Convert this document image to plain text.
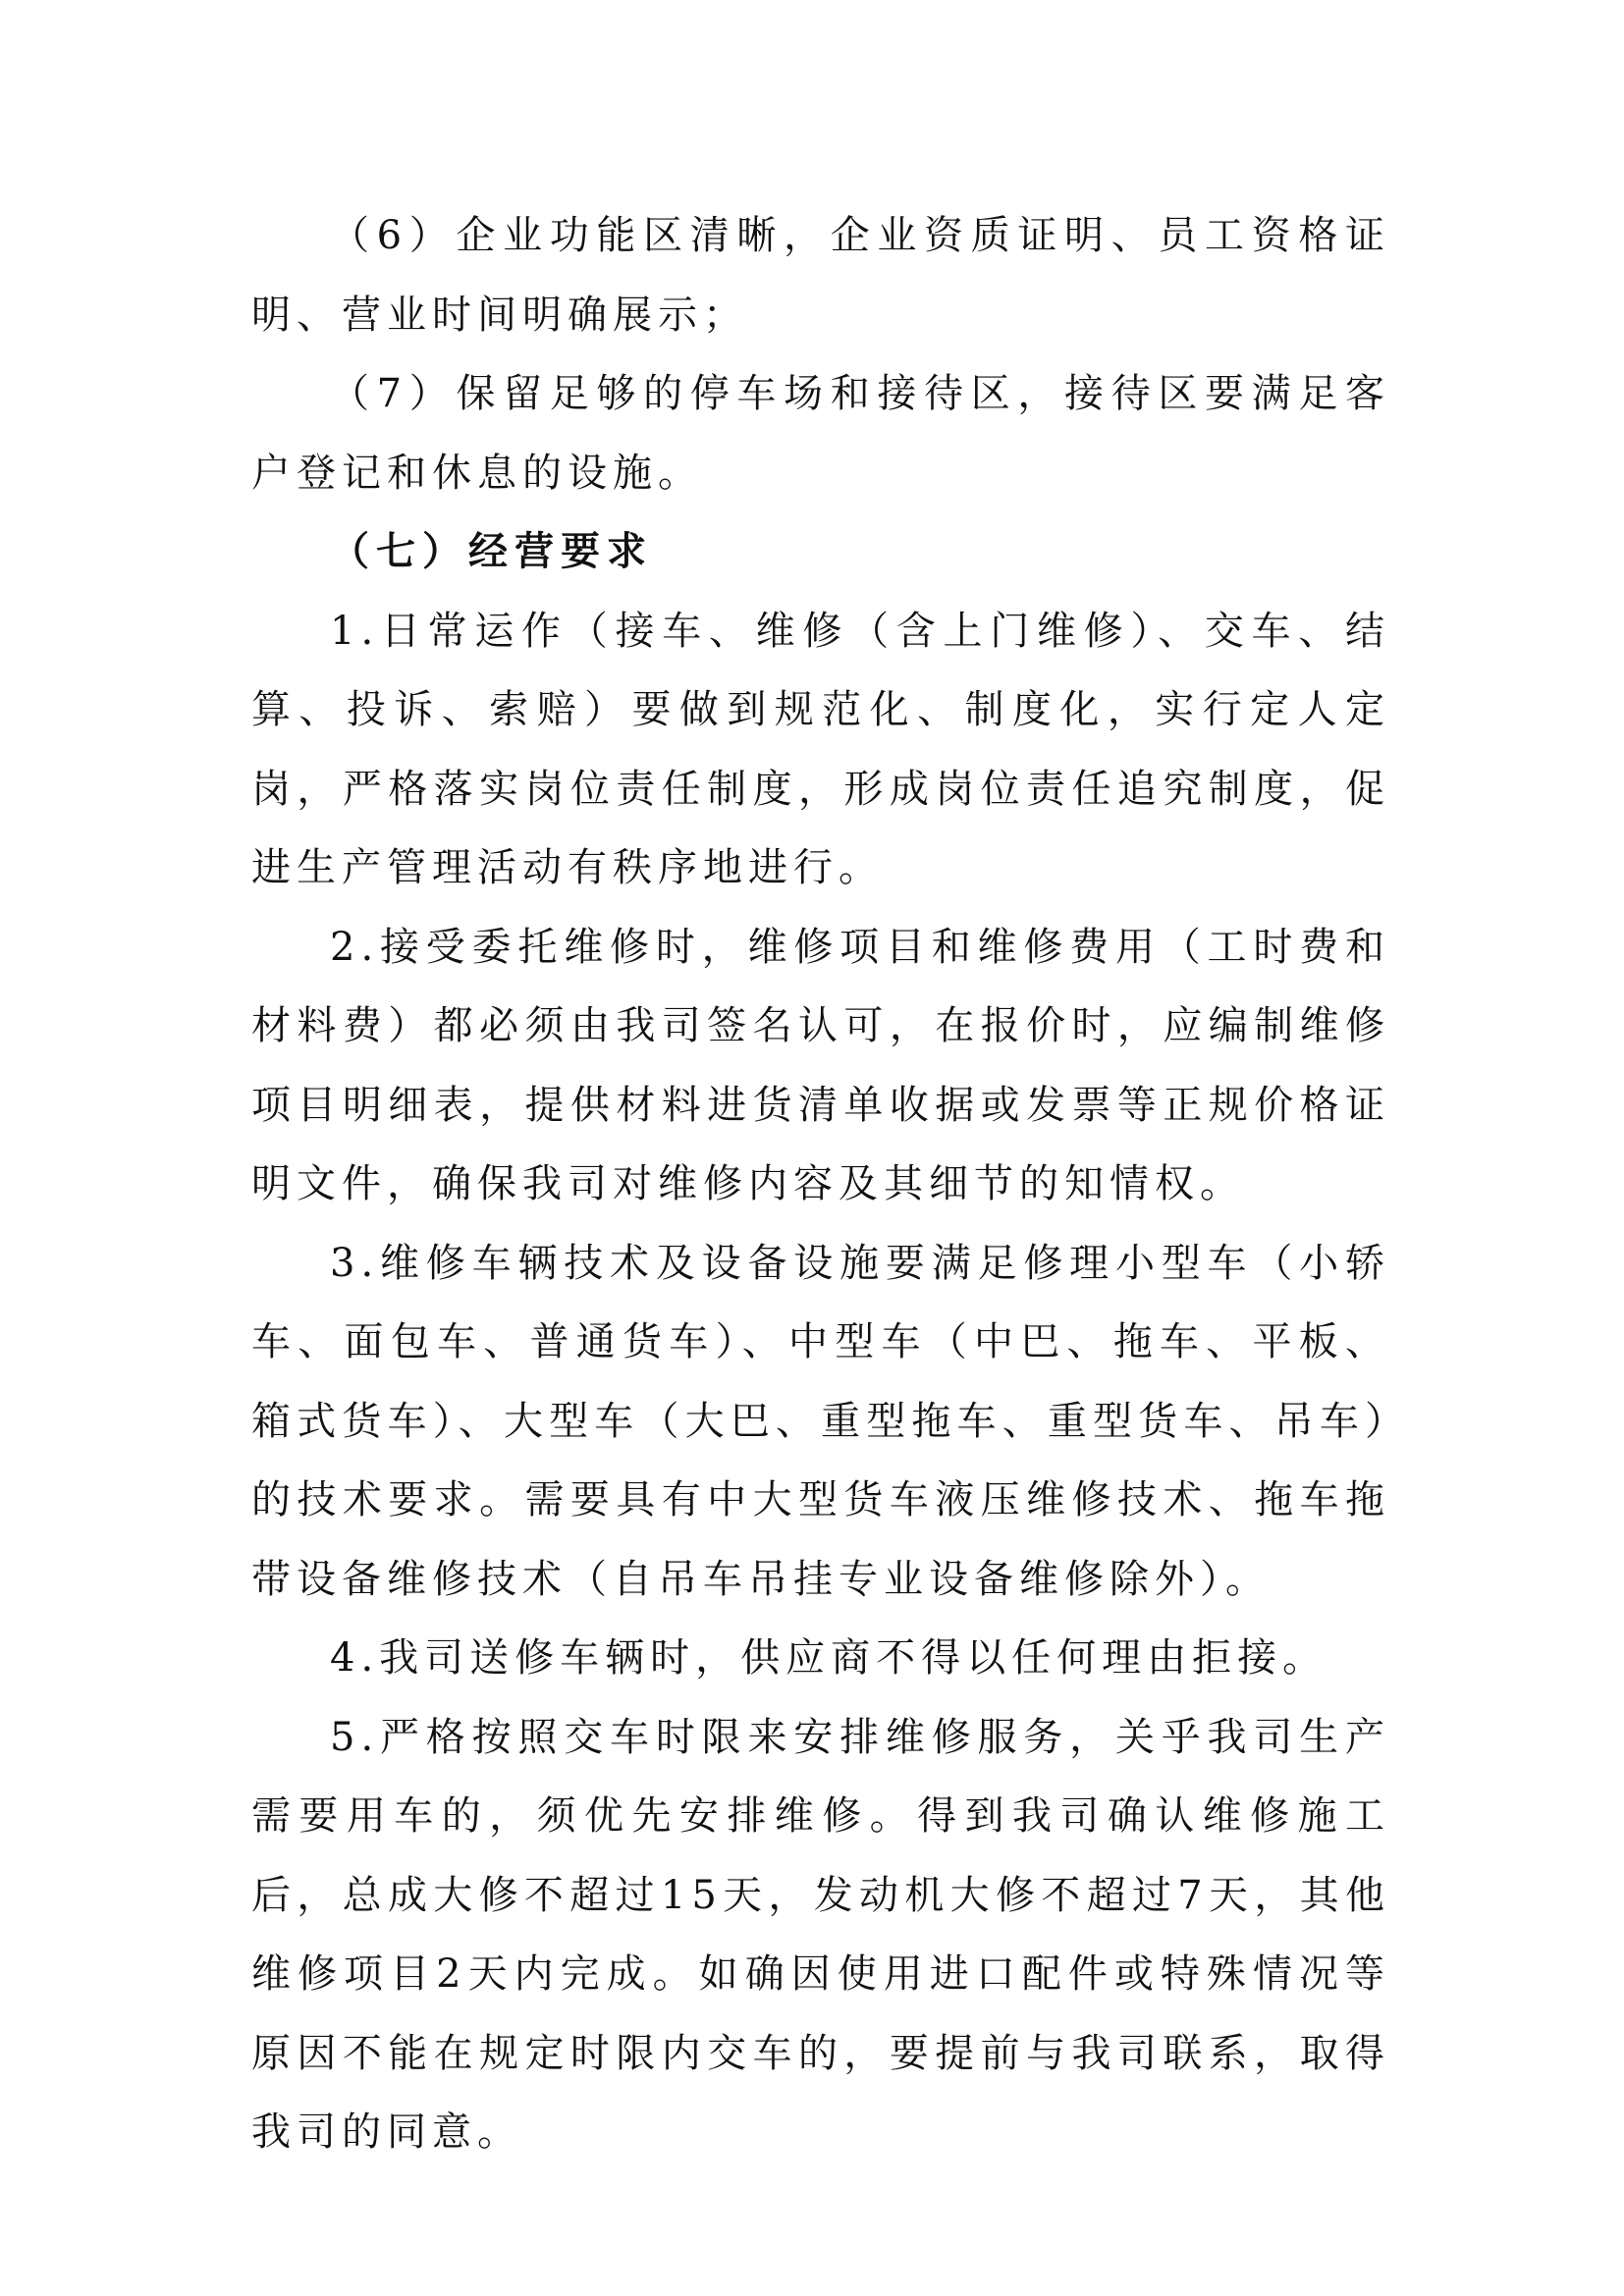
（6）企业功能区清晰，企业资质证明、员工资格证明、营业时间明确展示；

（7）保留足够的停车场和接待区，接待区要满足客户登记和休息的设施。

（七）经营要求

1.日常运作（接车、维修（含上门维修）、交车、结算、投诉、索赔）要做到规范化、制度化，实行定人定岗，严格落实岗位责任制度，形成岗位责任追究制度，促进生产管理活动有秩序地进行。

2.接受委托维修时，维修项目和维修费用（工时费和材料费）都必须由我司签名认可，在报价时，应编制维修项目明细表，提供材料进货清单收据或发票等正规价格证明文件，确保我司对维修内容及其细节的知情权。

3.维修车辆技术及设备设施要满足修理小型车（小轿车、面包车、普通货车）、中型车（中巴、拖车、平板、箱式货车）、大型车（大巴、重型拖车、重型货车、吊车）的技术要求。需要具有中大型货车液压维修技术、拖车拖带设备维修技术（自吊车吊挂专业设备维修除外）。

4.我司送修车辆时，供应商不得以任何理由拒接。

5.严格按照交车时限来安排维修服务，关乎我司生产需要用车的，须优先安排维修。得到我司确认维修施工后，总成大修不超过15天，发动机大修不超过7天，其他维修项目2天内完成。如确因使用进口配件或特殊情况等原因不能在规定时限内交车的，要提前与我司联系，取得我司的同意。
